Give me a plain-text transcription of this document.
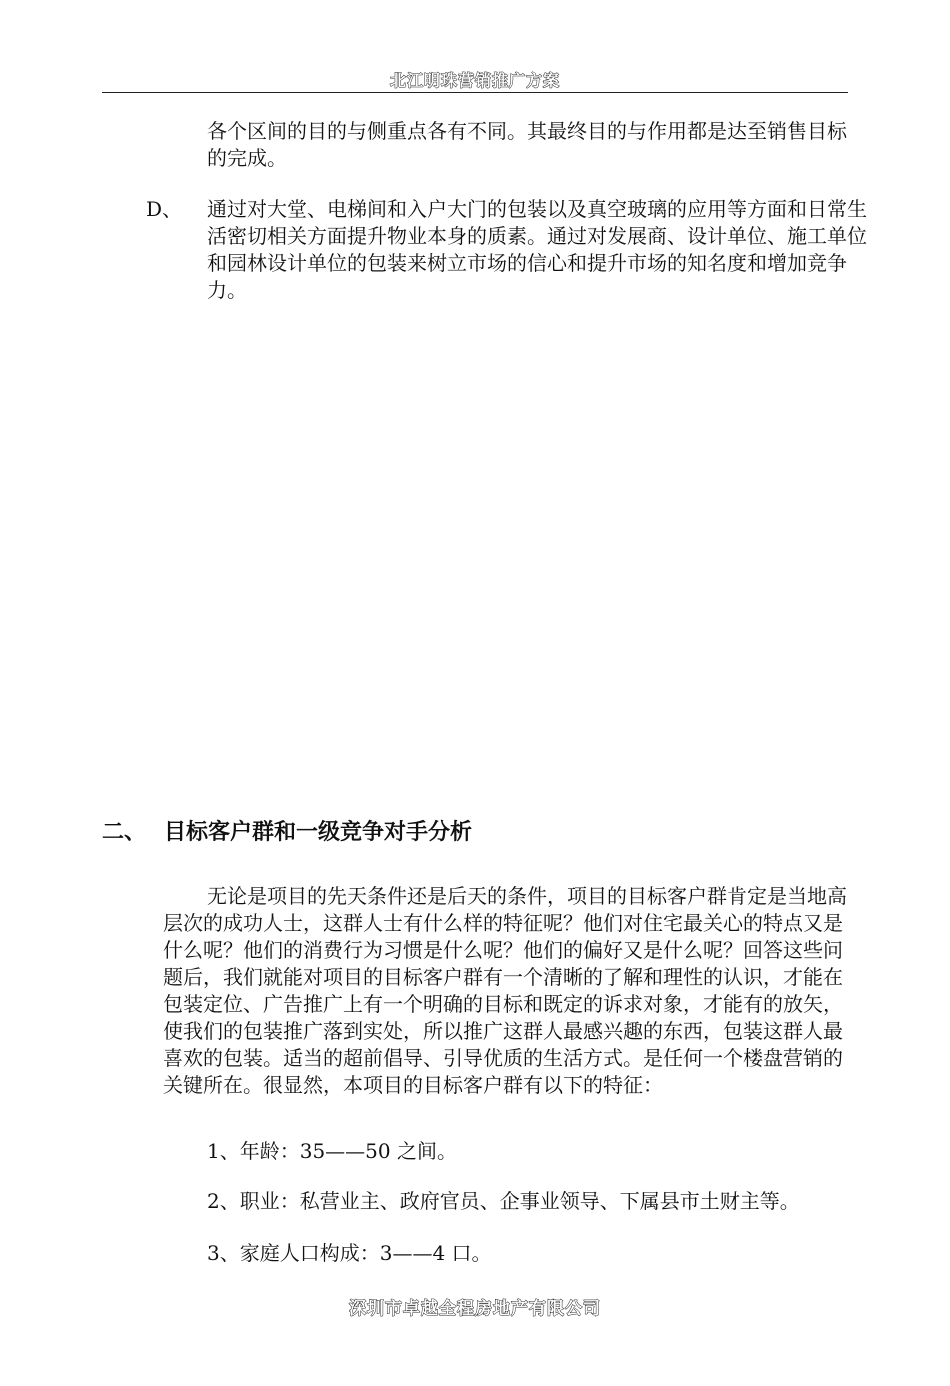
北江明珠营销推广方案

各个区间的目的与侧重点各有不同。其最终目的与作用都是达至销售目标的完成。

D、 通过对大堂、电梯间和入户大门的包装以及真空玻璃的应用等方面和日常生活密切相关方面提升物业本身的质素。通过对发展商、设计单位、施工单位和园林设计单位的包装来树立市场的信心和提升市场的知名度和增加竞争力。

二、 目标客户群和一级竞争对手分析

无论是项目的先天条件还是后天的条件，项目的目标客户群肯定是当地高层次的成功人士，这群人士有什么样的特征呢？他们对住宅最关心的特点又是什么呢？他们的消费行为习惯是什么呢？他们的偏好又是什么呢？回答这些问题后，我们就能对项目的目标客户群有一个清晰的了解和理性的认识，才能在包装定位、广告推广上有一个明确的目标和既定的诉求对象，才能有的放矢，使我们的包装推广落到实处，所以推广这群人最感兴趣的东西，包装这群人最喜欢的包装。适当的超前倡导、引导优质的生活方式。是任何一个楼盘营销的关键所在。很显然，本项目的目标客户群有以下的特征：

1、年龄：35——50 之间。
2、职业：私营业主、政府官员、企事业领导、下属县市土财主等。
3、家庭人口构成：3——4 口。
深圳市卓越全程房地产有限公司
